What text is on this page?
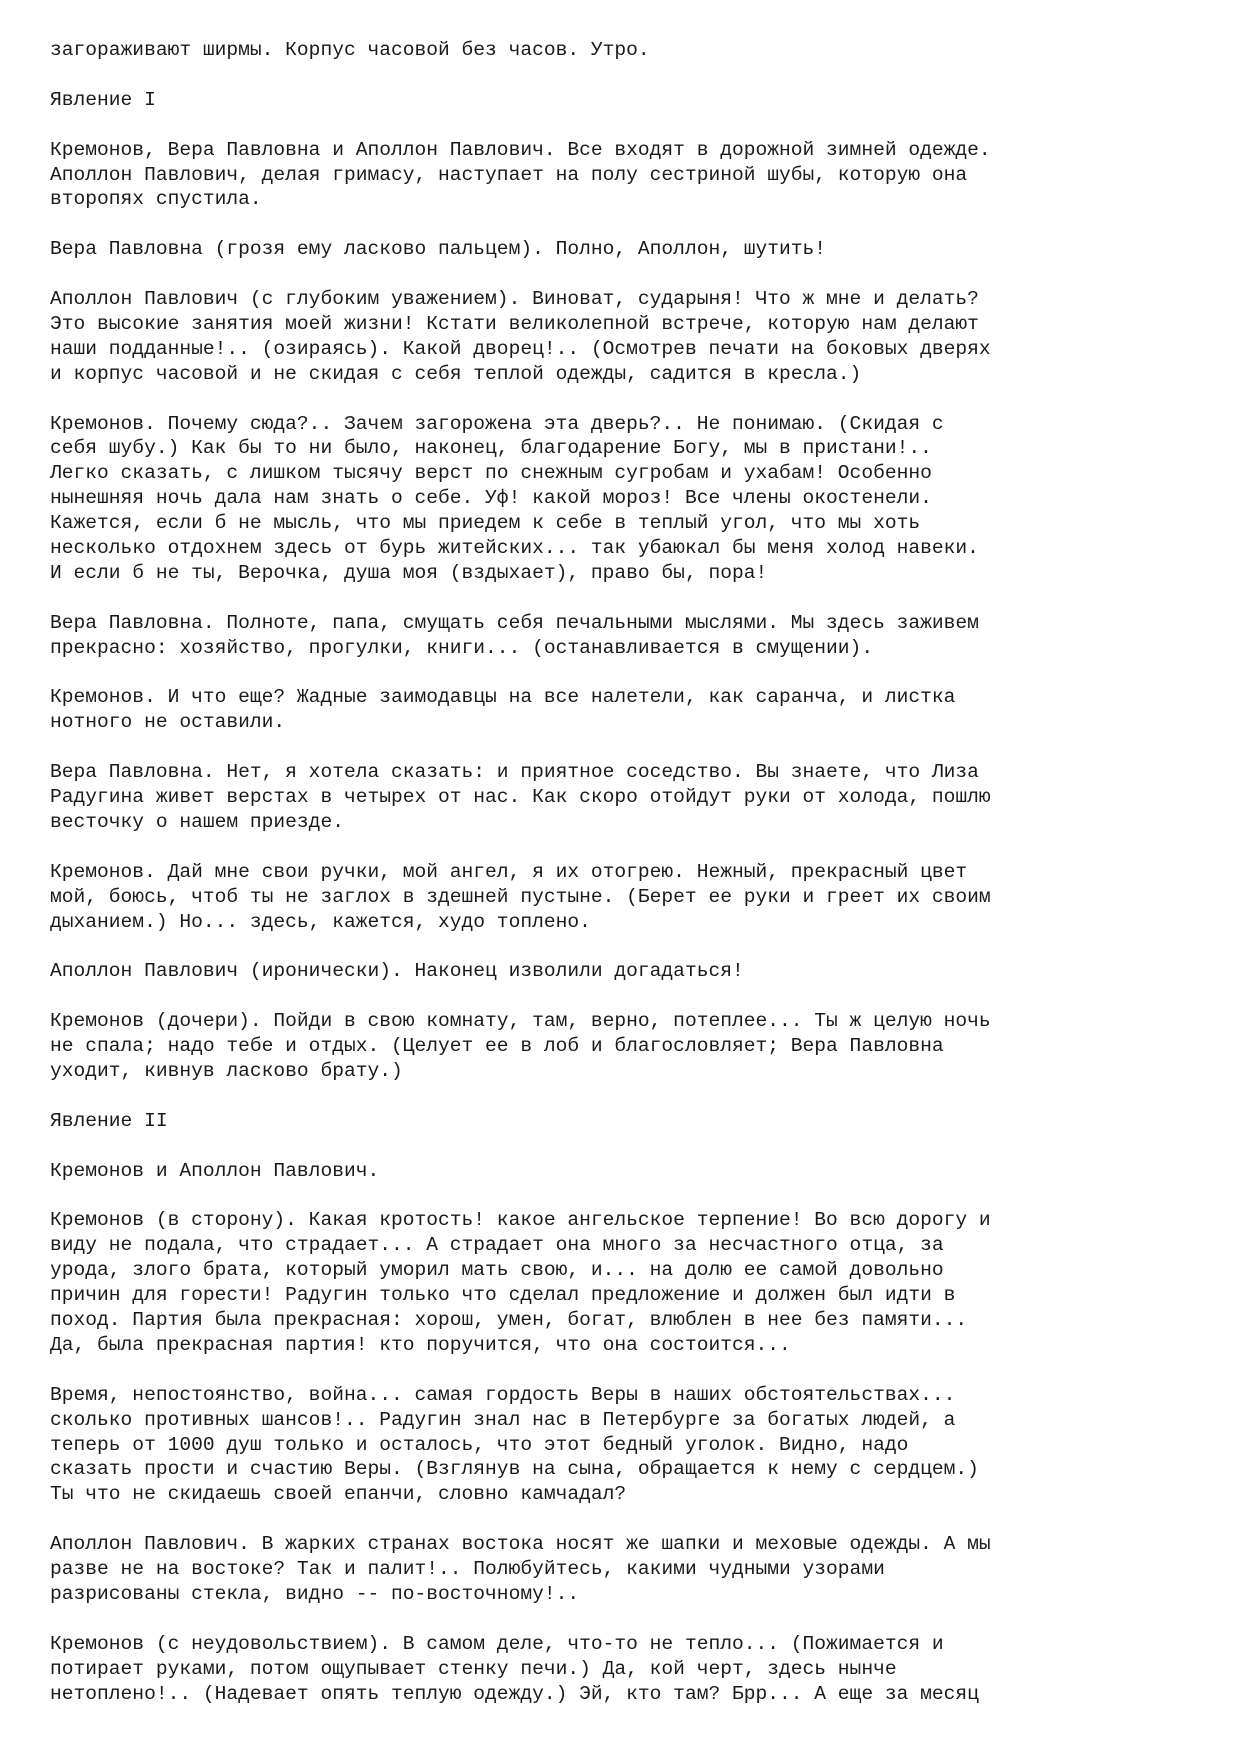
загораживают ширмы. Корпус часовой без часов. Утро.
Явление I
Кремонов, Вера Павловна и Аполлон Павлович. Все входят в дорожной зимней одежде.
Аполлон Павлович, делая гримасу, наступает на полу сестриной шубы, которую она
второпях спустила.
Вера Павловна (грозя ему ласково пальцем). Полно, Аполлон, шутить!
Аполлон Павлович (с глубоким уважением). Виноват, сударыня! Что ж мне и делать?
Это высокие занятия моей жизни! Кстати великолепной встрече, которую нам делают
наши подданные!.. (озираясь). Какой дворец!.. (Осмотрев печати на боковых дверях
и корпус часовой и не скидая с себя теплой одежды, садится в кресла.)
Кремонов. Почему сюда?.. Зачем загорожена эта дверь?.. Не понимаю. (Скидая с
себя шубу.) Как бы то ни было, наконец, благодарение Богу, мы в пристани!..
Легко сказать, с лишком тысячу верст по снежным сугробам и ухабам! Особенно
нынешняя ночь дала нам знать о себе. Уф! какой мороз! Все члены окостенели.
Кажется, если б не мысль, что мы приедем к себе в теплый угол, что мы хоть
несколько отдохнем здесь от бурь житейских... так убаюкал бы меня холод навеки.
И если б не ты, Верочка, душа моя (вздыхает), право бы, пора!
Вера Павловна. Полноте, папа, смущать себя печальными мыслями. Мы здесь заживем
прекрасно: хозяйство, прогулки, книги... (останавливается в смущении).
Кремонов. И что еще? Жадные заимодавцы на все налетели, как саранча, и листка
нотного не оставили.
Вера Павловна. Нет, я хотела сказать: и приятное соседство. Вы знаете, что Лиза
Радугина живет верстах в четырех от нас. Как скоро отойдут руки от холода, пошлю
весточку о нашем приезде.
Кремонов. Дай мне свои ручки, мой ангел, я их отогрею. Нежный, прекрасный цвет
мой, боюсь, чтоб ты не заглох в здешней пустыне. (Берет ее руки и греет их своим
дыханием.) Но... здесь, кажется, худо топлено.
Аполлон Павлович (иронически). Наконец изволили догадаться!
Кремонов (дочери). Пойди в свою комнату, там, верно, потеплее... Ты ж целую ночь
не спала; надо тебе и отдых. (Целует ее в лоб и благословляет; Вера Павловна
уходит, кивнув ласково брату.)
Явление II
Кремонов и Аполлон Павлович.
Кремонов (в сторону). Какая кротость! какое ангельское терпение! Во всю дорогу и
виду не подала, что страдает... А страдает она много за несчастного отца, за
урода, злого брата, который уморил мать свою, и... на долю ее самой довольно
причин для горести! Радугин только что сделал предложение и должен был идти в
поход. Партия была прекрасная: хорош, умен, богат, влюблен в нее без памяти...
Да, была прекрасная партия! кто поручится, что она состоится...
Время, непостоянство, война... самая гордость Веры в наших обстоятельствах...
сколько противных шансов!.. Радугин знал нас в Петербурге за богатых людей, а
теперь от 1000 душ только и осталось, что этот бедный уголок. Видно, надо
сказать прости и счастию Веры. (Взглянув на сына, обращается к нему с сердцем.)
Ты что не скидаешь своей епанчи, словно камчадал?
Аполлон Павлович. В жарких странах востока носят же шапки и меховые одежды. А мы
разве не на востоке? Так и палит!.. Полюбуйтесь, какими чудными узорами
разрисованы стекла, видно -- по-восточному!..
Кремонов (с неудовольствием). В самом деле, что-то не тепло... (Пожимается и
потирает руками, потом ощупывает стенку печи.) Да, кой черт, здесь нынче
нетоплено!.. (Надевает опять теплую одежду.) Эй, кто там? Брр... А еще за месяц
